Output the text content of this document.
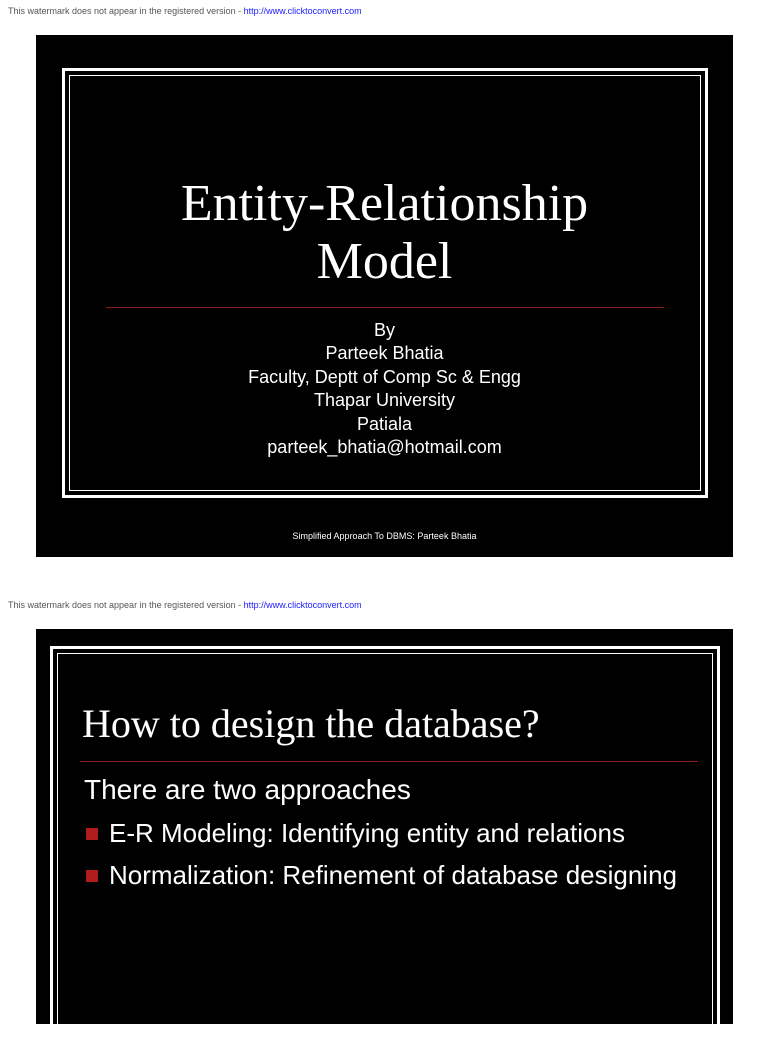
This watermark does not appear in the registered version - http://www.clicktoconvert.com
Entity-Relationship
Model
By
Parteek Bhatia
Faculty, Deptt of Comp Sc & Engg
Thapar University
Patiala
parteek_bhatia@hotmail.com
Simplified Approach To DBMS: Parteek Bhatia
This watermark does not appear in the registered version - http://www.clicktoconvert.com
How to design the database?
There are two approaches
E-R Modeling: Identifying entity and relations
Normalization: Refinement of database designing
